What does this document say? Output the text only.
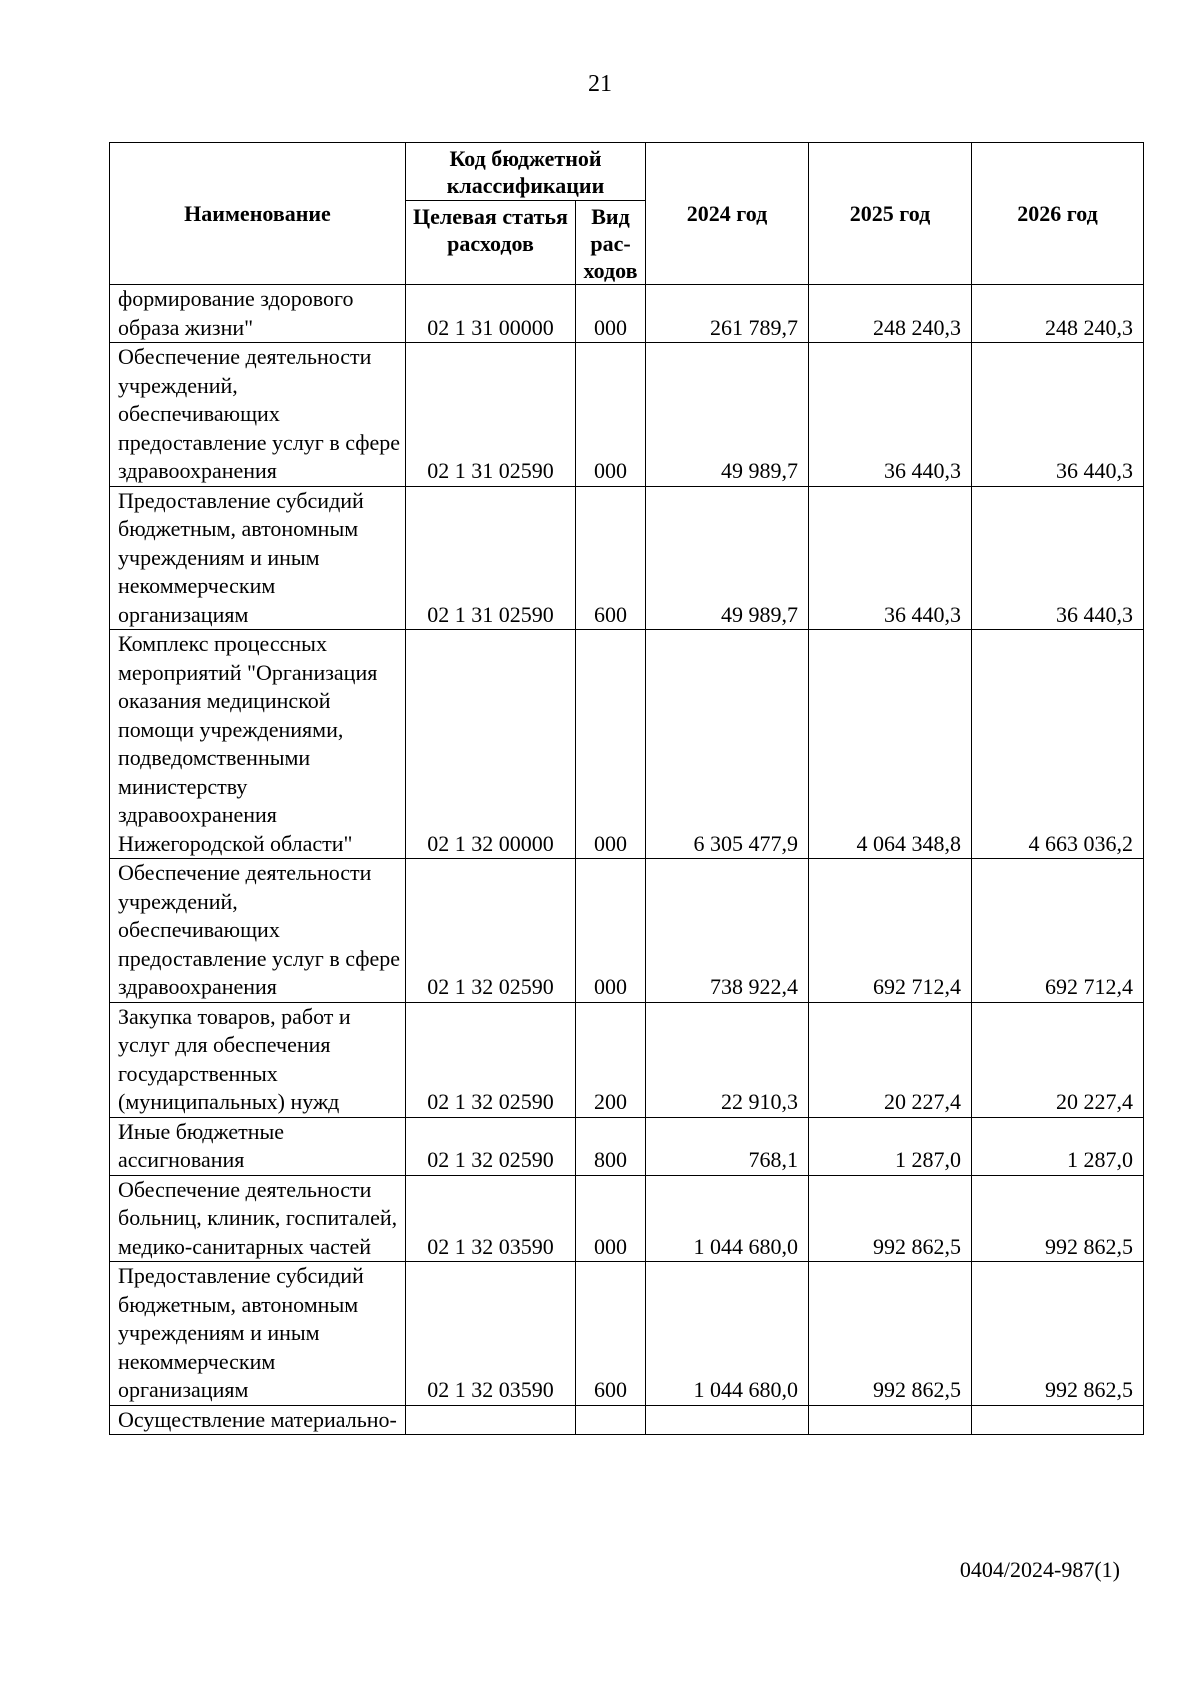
21
Наименование	Код бюджетной классификации		2024 год	2025 год	2026 год
	Целевая статья расходов	Вид рас-ходов			
формирование здорового образа жизни"	02 1 31 00000	000	261 789,7	248 240,3	248 240,3
Обеспечение деятельности учреждений, обеспечивающих предоставление услуг в сфере здравоохранения	02 1 31 02590	000	49 989,7	36 440,3	36 440,3
Предоставление субсидий бюджетным, автономным учреждениям и иным некоммерческим организациям	02 1 31 02590	600	49 989,7	36 440,3	36 440,3
Комплекс процессных мероприятий "Организация оказания медицинской помощи учреждениями, подведомственными министерству здравоохранения Нижегородской области"	02 1 32 00000	000	6 305 477,9	4 064 348,8	4 663 036,2
Обеспечение деятельности учреждений, обеспечивающих предоставление услуг в сфере здравоохранения	02 1 32 02590	000	738 922,4	692 712,4	692 712,4
Закупка товаров, работ и услуг для обеспечения государственных (муниципальных) нужд	02 1 32 02590	200	22 910,3	20 227,4	20 227,4
Иные бюджетные ассигнования	02 1 32 02590	800	768,1	1 287,0	1 287,0
Обеспечение деятельности больниц, клиник, госпиталей, медико-санитарных частей	02 1 32 03590	000	1 044 680,0	992 862,5	992 862,5
Предоставление субсидий бюджетным, автономным учреждениям и иным некоммерческим организациям	02 1 32 03590	600	1 044 680,0	992 862,5	992 862,5
Осуществление материально-					
0404/2024-987(1)
